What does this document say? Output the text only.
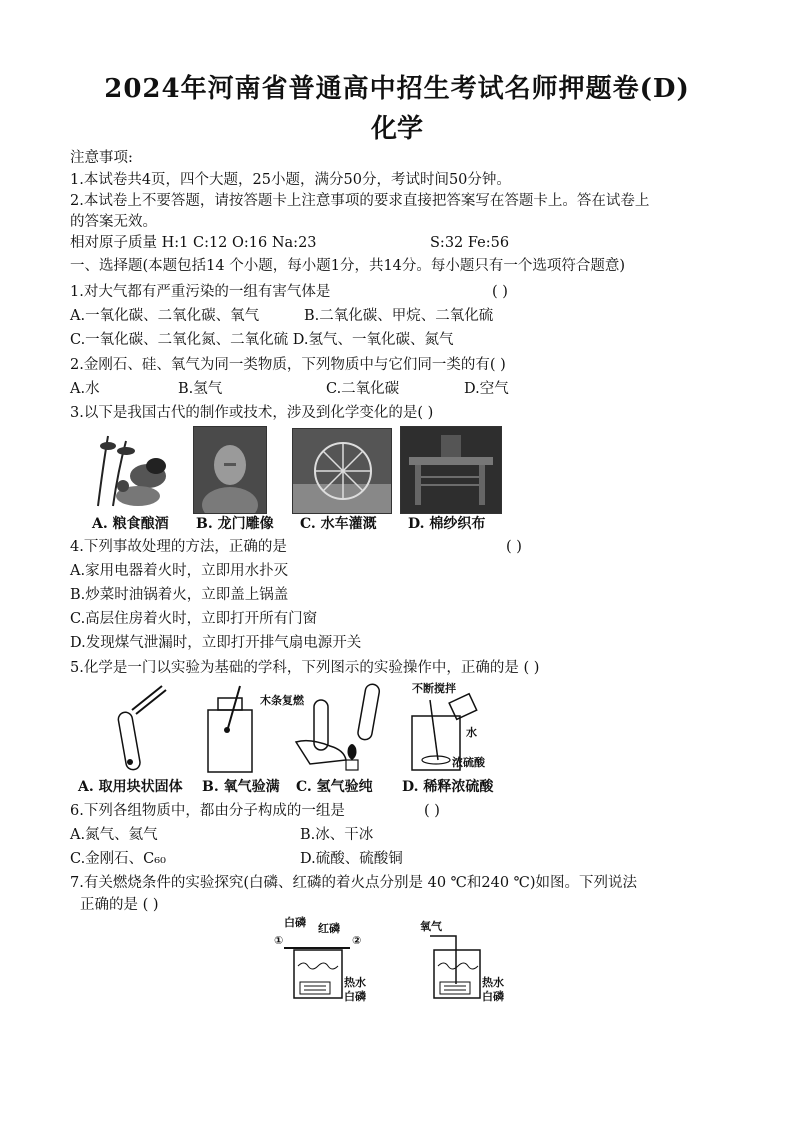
2024年河南省普通高中招生考试名师押题卷(D)
化学
注意事项:
1.本试卷共4页，四个大题，25小题，满分50分，考试时间50分钟。
2.本试卷上不要答题，请按答题卡上注意事项的要求直接把答案写在答题卡上。答在试卷上
的答案无效。
相对原子质量 H:1 C:12 O:16 Na:23	S:32 Fe:56
一、选择题(本题包括14 个小题，每小题1分，共14分。每小题只有一个选项符合题意)
1.对大气都有严重污染的一组有害气体是	( )
A.一氧化碳、二氧化碳、氧气	B.二氧化碳、甲烷、二氧化硫
C.一氧化碳、二氧化氮、二氧化硫 D.氢气、一氧化碳、氮气
2.金刚石、硅、氧气为同一类物质，下列物质中与它们同一类的有( )
A.水	B.氢气	C.二氧化碳	D.空气
3.以下是我国古代的制作或技术，涉及到化学变化的是( )
A. 粮食酿酒 B. 龙门雕像 C. 水车灌溉 D. 棉纱织布
4.下列事故处理的方法，正确的是	( )
A.家用电器着火时，立即用水扑灭
B.炒菜时油锅着火，立即盖上锅盖
C.高层住房着火时，立即打开所有门窗
D.发现煤气泄漏时，立即打开排气扇电源开关
5.化学是一门以实验为基础的学科，下列图示的实验操作中，正确的是 ( )
木条复燃
不断搅拌
水
浓硫酸
A. 取用块状固体 B. 氧气验满 C. 氢气验纯 D. 稀释浓硫酸
6.下列各组物质中，都由分子构成的一组是	( )
A.氮气、氦气	B.冰、干冰
C.金刚石、C₆₀	D.硫酸、硫酸铜
7.有关燃烧条件的实验探究(白磷、红磷的着火点分别是 40 ℃和240 ℃)如图。下列说法
正确的是 ( )
白磷 红磷
①	②
热水
白磷
氧气
热水
白磷
